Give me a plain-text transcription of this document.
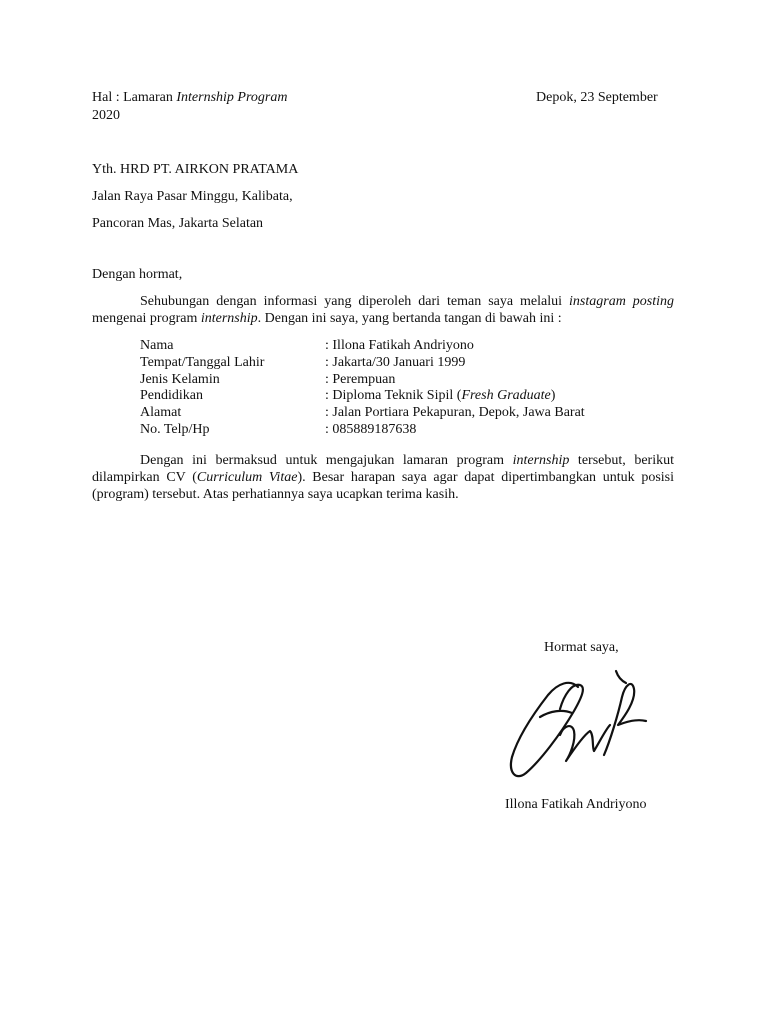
Hal : Lamaran Internship Program	Depok, 23 September
2020
Yth. HRD PT. AIRKON PRATAMA
Jalan Raya Pasar Minggu, Kalibata,
Pancoran Mas, Jakarta Selatan
Dengan hormat,
Sehubungan dengan informasi yang diperoleh dari teman saya melalui instagram posting mengenai program internship. Dengan ini saya, yang bertanda tangan di bawah ini :
Nama	: Illona Fatikah Andriyono
Tempat/Tanggal Lahir	: Jakarta/30 Januari 1999
Jenis Kelamin	: Perempuan
Pendidikan	: Diploma Teknik Sipil (Fresh Graduate)
Alamat	: Jalan Portiara Pekapuran, Depok, Jawa Barat
No. Telp/Hp	: 085889187638
Dengan ini bermaksud untuk mengajukan lamaran program internship tersebut, berikut dilampirkan CV (Curriculum Vitae). Besar harapan saya agar dapat dipertimbangkan untuk posisi (program) tersebut. Atas perhatiannya saya ucapkan terima kasih.
Hormat saya,
Illona Fatikah Andriyono
